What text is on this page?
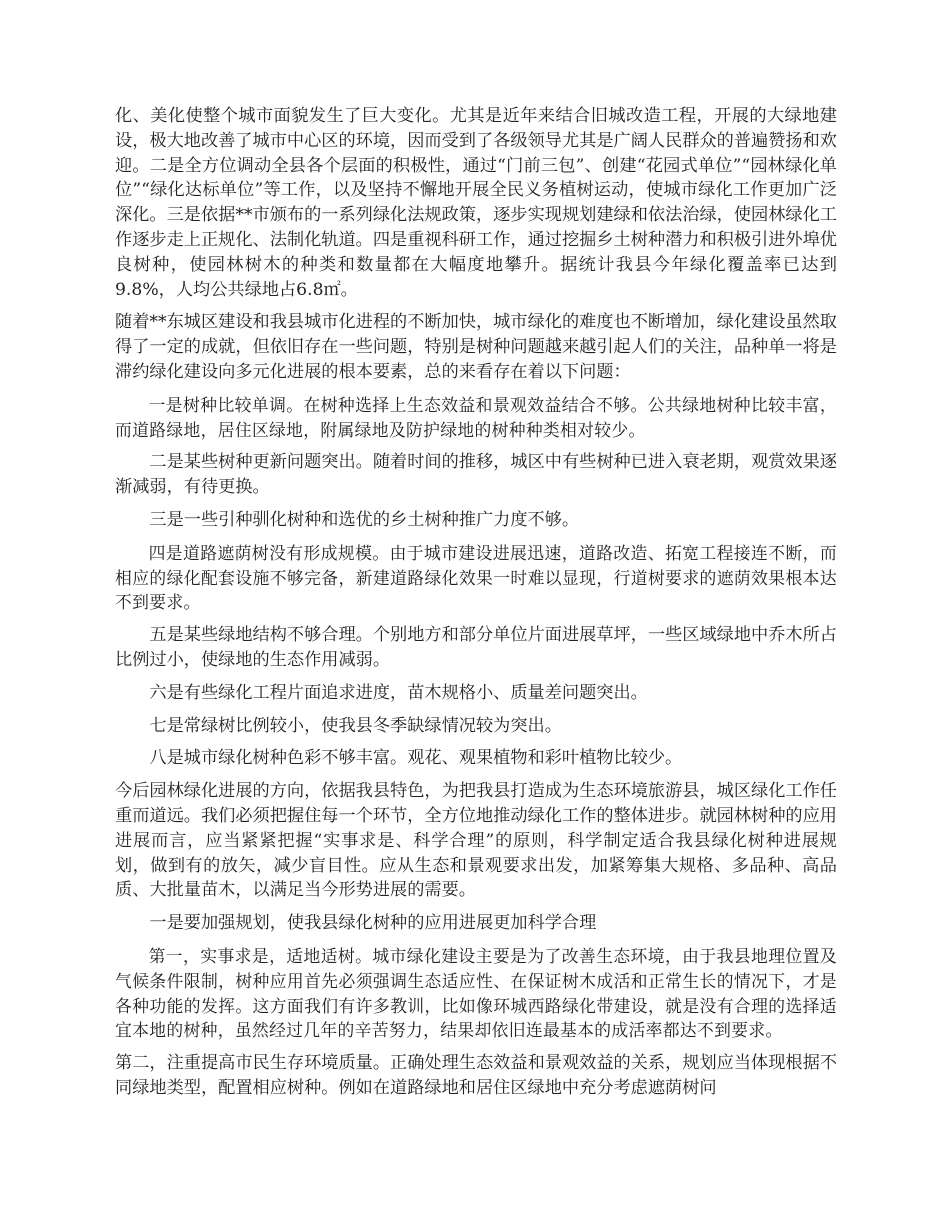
化、美化使整个城市面貌发生了巨大变化。尤其是近年来结合旧城改造工程，开展的大绿地建设，极大地改善了城市中心区的环境，因而受到了各级领导尤其是广阔人民群众的普遍赞扬和欢迎。二是全方位调动全县各个层面的积极性，通过“门前三包”、创建“花园式单位”“园林绿化单位”“绿化达标单位”等工作，以及坚持不懈地开展全民义务植树运动，使城市绿化工作更加广泛深化。三是依据**市颁布的一系列绿化法规政策，逐步实现规划建绿和依法治绿，使园林绿化工作逐步走上正规化、法制化轨道。四是重视科研工作，通过挖掘乡土树种潜力和积极引进外埠优良树种，使园林树木的种类和数量都在大幅度地攀升。据统计我县今年绿化覆盖率已达到9.8%，人均公共绿地占6.8㎡。

随着**东城区建设和我县城市化进程的不断加快，城市绿化的难度也不断增加，绿化建设虽然取得了一定的成就，但依旧存在一些问题，特别是树种问题越来越引起人们的关注，品种单一将是滞约绿化建设向多元化进展的根本要素，总的来看存在着以下问题：

一是树种比较单调。在树种选择上生态效益和景观效益结合不够。公共绿地树种比较丰富，而道路绿地，居住区绿地，附属绿地及防护绿地的树种种类相对较少。

二是某些树种更新问题突出。随着时间的推移，城区中有些树种已进入衰老期，观赏效果逐渐减弱，有待更换。

三是一些引种驯化树种和选优的乡土树种推广力度不够。

四是道路遮荫树没有形成规模。由于城市建设进展迅速，道路改造、拓宽工程接连不断，而相应的绿化配套设施不够完备，新建道路绿化效果一时难以显现，行道树要求的遮荫效果根本达不到要求。

五是某些绿地结构不够合理。个别地方和部分单位片面进展草坪，一些区域绿地中乔木所占比例过小，使绿地的生态作用减弱。

六是有些绿化工程片面追求进度，苗木规格小、质量差问题突出。

七是常绿树比例较小，使我县冬季缺绿情况较为突出。

八是城市绿化树种色彩不够丰富。观花、观果植物和彩叶植物比较少。

今后园林绿化进展的方向，依据我县特色，为把我县打造成为生态环境旅游县，城区绿化工作任重而道远。我们必须把握住每一个环节，全方位地推动绿化工作的整体进步。就园林树种的应用进展而言，应当紧紧把握“实事求是、科学合理”的原则，科学制定适合我县绿化树种进展规划，做到有的放矢，减少盲目性。应从生态和景观要求出发，加紧筹集大规格、多品种、高品质、大批量苗木，以满足当今形势进展的需要。

一是要加强规划，使我县绿化树种的应用进展更加科学合理

第一，实事求是，适地适树。城市绿化建设主要是为了改善生态环境，由于我县地理位置及气候条件限制，树种应用首先必须强调生态适应性、在保证树木成活和正常生长的情况下，才是各种功能的发挥。这方面我们有许多教训，比如像环城西路绿化带建设，就是没有合理的选择适宜本地的树种，虽然经过几年的辛苦努力，结果却依旧连最基本的成活率都达不到要求。

第二，注重提高市民生存环境质量。正确处理生态效益和景观效益的关系，规划应当体现根据不同绿地类型，配置相应树种。例如在道路绿地和居住区绿地中充分考虑遮荫树问
